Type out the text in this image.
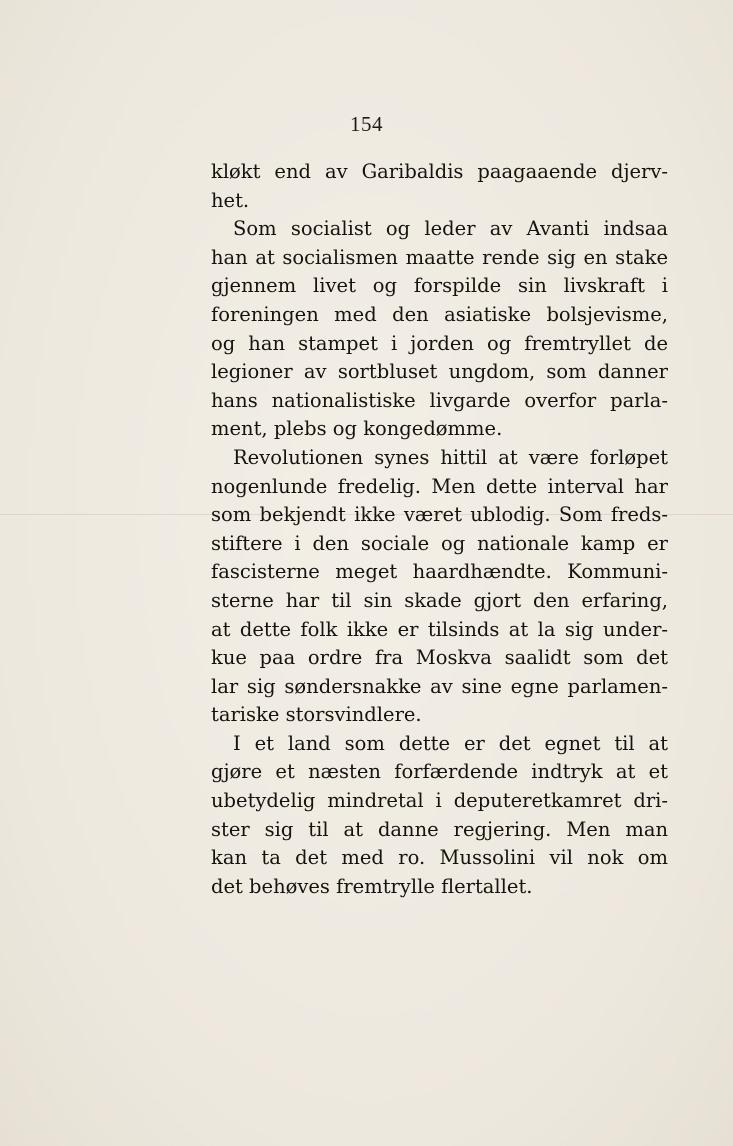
154
kløkt end av Garibaldis paagaaende djerv-
het.
Som socialist og leder av Avanti indsaa
han at socialismen maatte rende sig en stake
gjennem livet og forspilde sin livskraft i
foreningen med den asiatiske bolsjevisme,
og han stampet i jorden og fremtryllet de
legioner av sortbluset ungdom, som danner
hans nationalistiske livgarde overfor parla-
ment, plebs og kongedømme.
Revolutionen synes hittil at være forløpet
nogenlunde fredelig. Men dette interval har
som bekjendt ikke været ublodig. Som freds-
stiftere i den sociale og nationale kamp er
fascisterne meget haardhændte. Kommuni-
sterne har til sin skade gjort den erfaring,
at dette folk ikke er tilsinds at la sig under-
kue paa ordre fra Moskva saalidt som det
lar sig søndersnakke av sine egne parlamen-
tariske storsvindlere.
I et land som dette er det egnet til at
gjøre et næsten forfærdende indtryk at et
ubetydelig mindretal i deputeretkamret dri-
ster sig til at danne regjering. Men man
kan ta det med ro. Mussolini vil nok om
det behøves fremtrylle flertallet.
